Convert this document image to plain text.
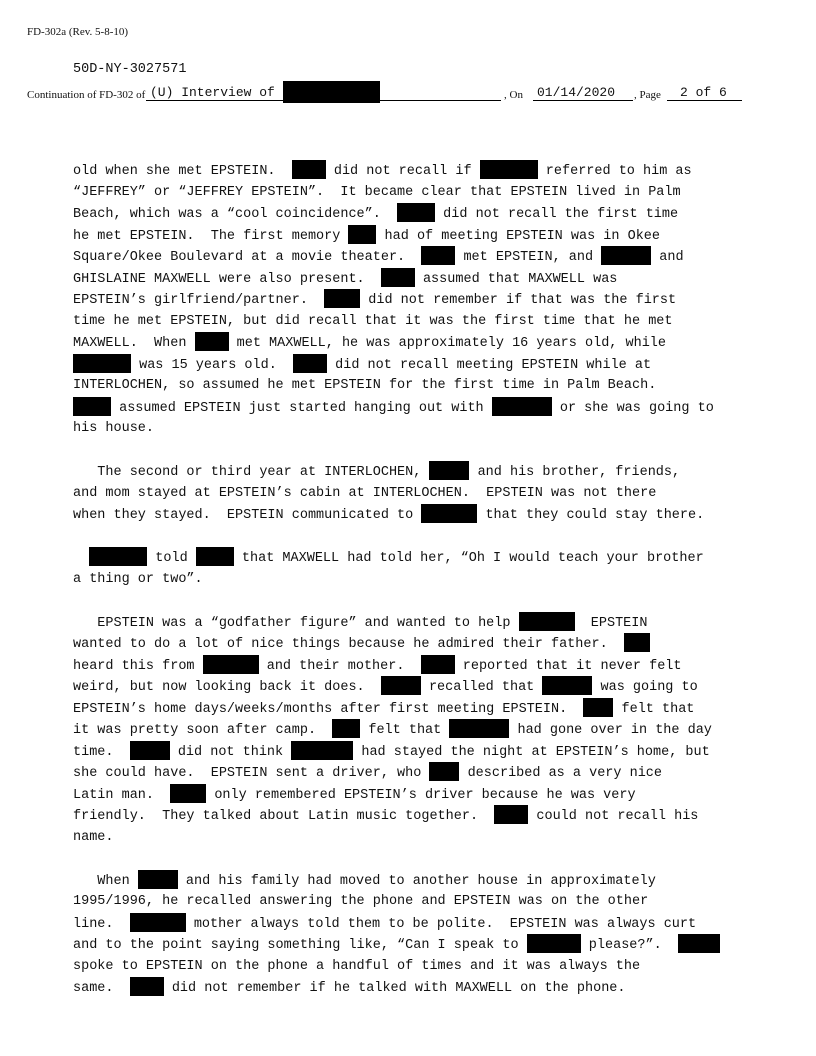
FD-302a (Rev. 5-8-10)
50D-NY-3027571
Continuation of FD-302 of (U) Interview of	, On 01/14/2020 , Page 2 of 6
old when she met EPSTEIN.	did not recall if	referred to him as
“JEFFREY” or “JEFFREY EPSTEIN”.  It became clear that EPSTEIN lived in Palm
Beach, which was a “cool coincidence”.	did not recall the first time
he met EPSTEIN.  The first memory  had of meeting EPSTEIN was in Okee
Square/Okee Boulevard at a movie theater.	met EPSTEIN, and	and
GHISLAINE MAXWELL were also present.	assumed that MAXWELL was
EPSTEIN’s girlfriend/partner.	did not remember if that was the first
time he met EPSTEIN, but did recall that it was the first time that he met
MAXWELL.  When	met MAXWELL, he was approximately 16 years old, while
was 15 years old.	did not recall meeting EPSTEIN while at
INTERLOCHEN, so assumed he met EPSTEIN for the first time in Palm Beach.
assumed EPSTEIN just started hanging out with	or she was going to
his house.
The second or third year at INTERLOCHEN,	and his brother, friends,
and mom stayed at EPSTEIN’s cabin at INTERLOCHEN.  EPSTEIN was not there
when they stayed.  EPSTEIN communicated to	that they could stay there.
told	that MAXWELL had told her, “Oh I would teach your brother
a thing or two”.
EPSTEIN was a “godfather figure” and wanted to help	EPSTEIN
wanted to do a lot of nice things because he admired their father.
heard this from	and their mother.	reported that it never felt
weird, but now looking back it does.	recalled that	was going to
EPSTEIN’s home days/weeks/months after first meeting EPSTEIN.   felt that
it was pretty soon after camp.   felt that	had gone over in the day
time.	did not think	had stayed the night at EPSTEIN’s home, but
she could have.  EPSTEIN sent a driver, who  described as a very nice
Latin man.	only remembered EPSTEIN’s driver because he was very
friendly.  They talked about Latin music together.	could not recall his
name.
When	and his family had moved to another house in approximately
1995/1996, he recalled answering the phone and EPSTEIN was on the other
line.	mother always told them to be polite.  EPSTEIN was always curt
and to the point saying something like, “Can I speak to	please?”.
spoke to EPSTEIN on the phone a handful of times and it was always the
same.	did not remember if he talked with MAXWELL on the phone.
